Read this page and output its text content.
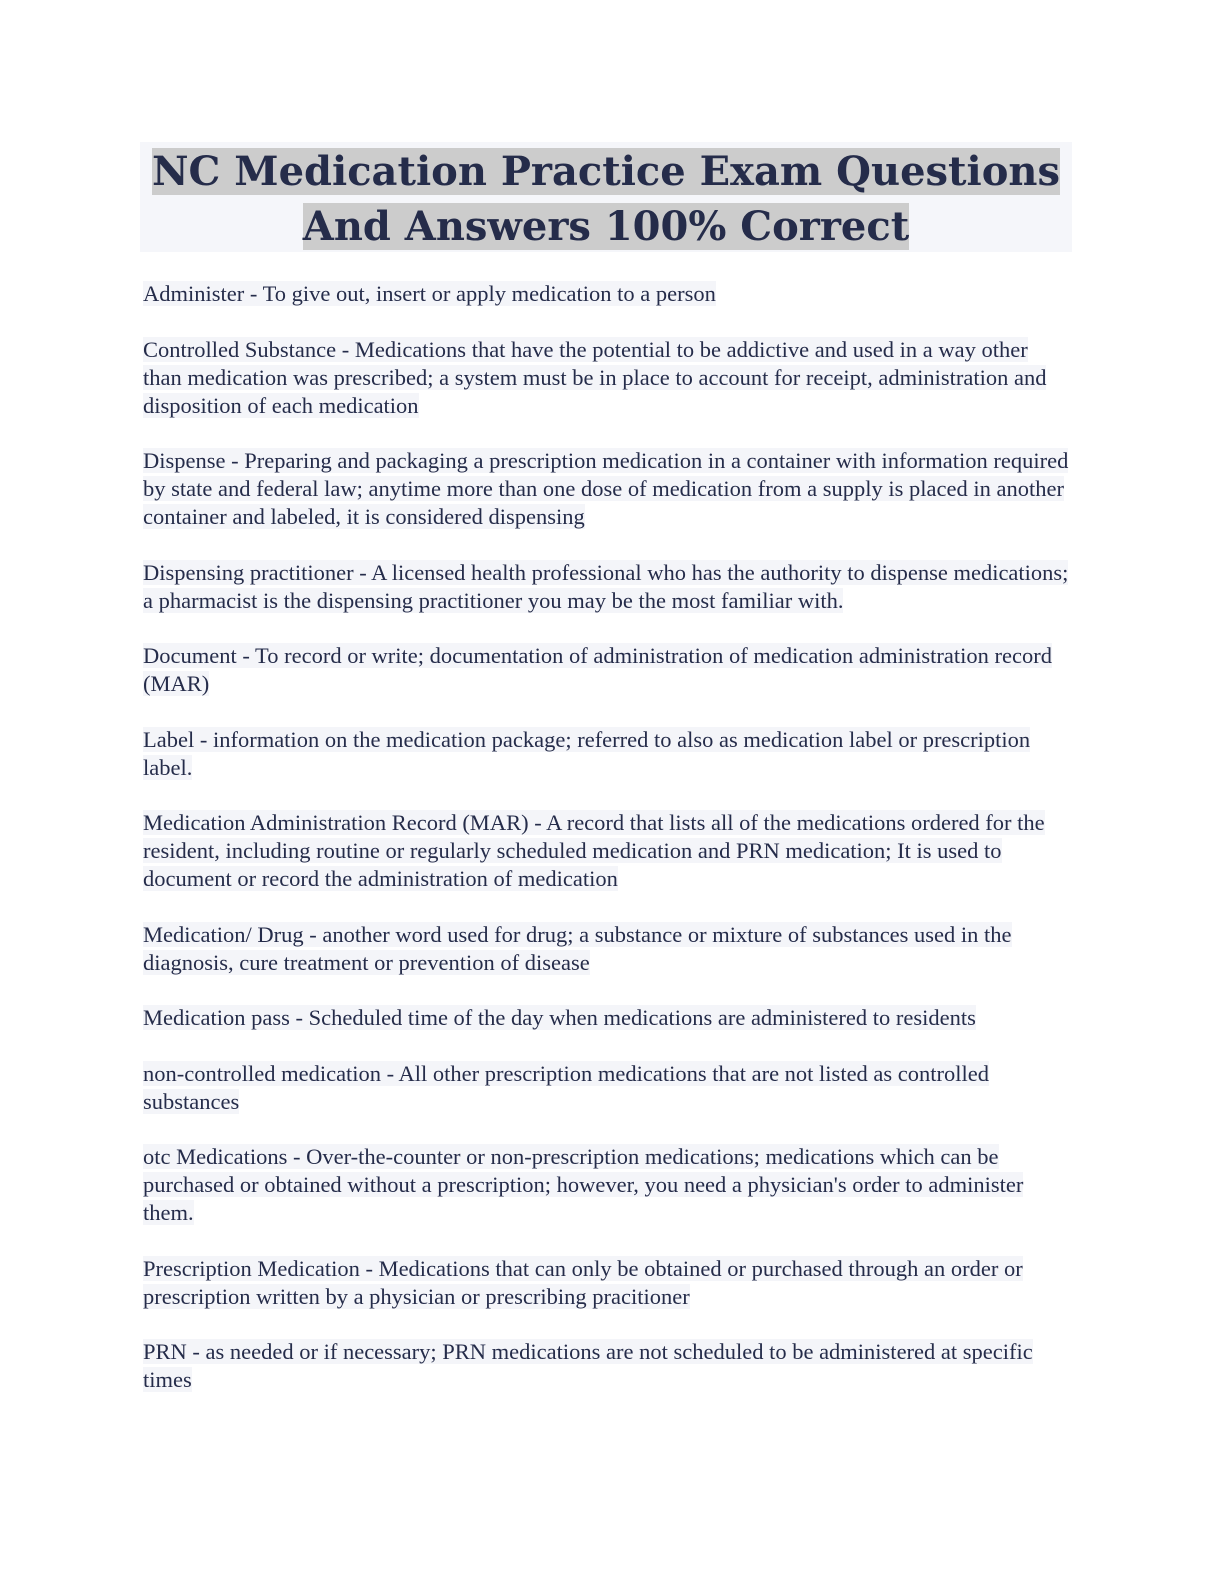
NC Medication Practice Exam Questions
And Answers 100% Correct

Administer - To give out, insert or apply medication to a person

Controlled Substance - Medications that have the potential to be addictive and used in a way other than medication was prescribed; a system must be in place to account for receipt, administration and disposition of each medication

Dispense - Preparing and packaging a prescription medication in a container with information required by state and federal law; anytime more than one dose of medication from a supply is placed in another container and labeled, it is considered dispensing

Dispensing practitioner - A licensed health professional who has the authority to dispense medications; a pharmacist is the dispensing practitioner you may be the most familiar with.

Document - To record or write; documentation of administration of medication administration record (MAR)

Label - information on the medication package; referred to also as medication label or prescription label.

Medication Administration Record (MAR) - A record that lists all of the medications ordered for the resident, including routine or regularly scheduled medication and PRN medication; It is used to document or record the administration of medication

Medication/ Drug - another word used for drug; a substance or mixture of substances used in the diagnosis, cure treatment or prevention of disease

Medication pass - Scheduled time of the day when medications are administered to residents

non-controlled medication - All other prescription medications that are not listed as controlled substances

otc Medications - Over-the-counter or non-prescription medications; medications which can be purchased or obtained without a prescription; however, you need a physician's order to administer them.

Prescription Medication - Medications that can only be obtained or purchased through an order or prescription written by a physician or prescribing pracitioner

PRN - as needed or if necessary; PRN medications are not scheduled to be administered at specific times
